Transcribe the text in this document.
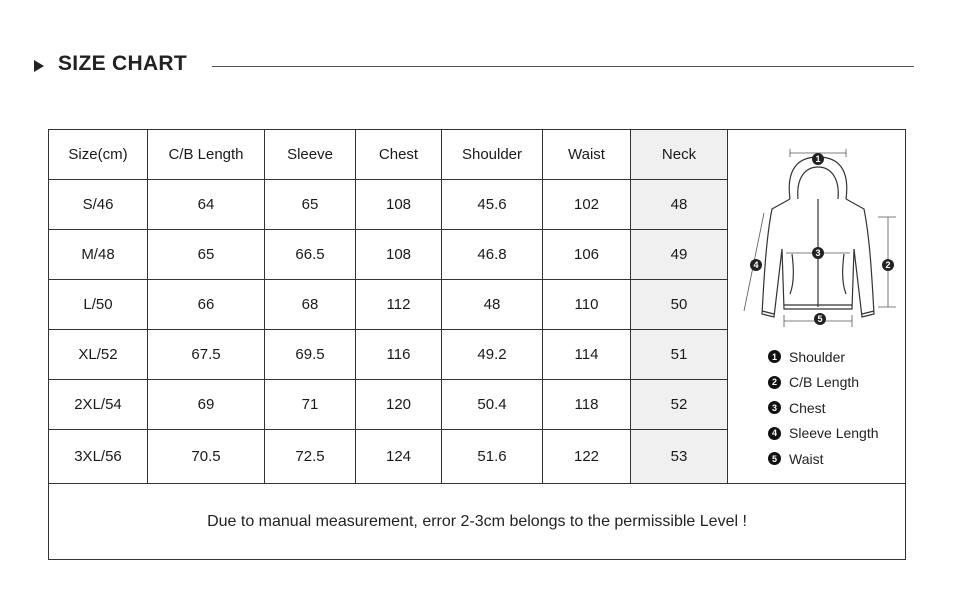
SIZE CHART
Size(cm)	C/B Length	Sleeve	Chest	Shoulder	Waist	Neck
S/46	64	65	108	45.6	102	48
M/48	65	66.5	108	46.8	106	49
L/50	66	68	112	48	110	50
XL/52	67.5	69.5	116	49.2	114	51
2XL/54	69	71	120	50.4	118	52
3XL/56	70.5	72.5	124	51.6	122	53
1
2
3
4
5
1 Shoulder
2 C/B Length
3 Chest
4 Sleeve Length
5 Waist
Due to manual measurement, error 2-3cm belongs to the permissible Level !
